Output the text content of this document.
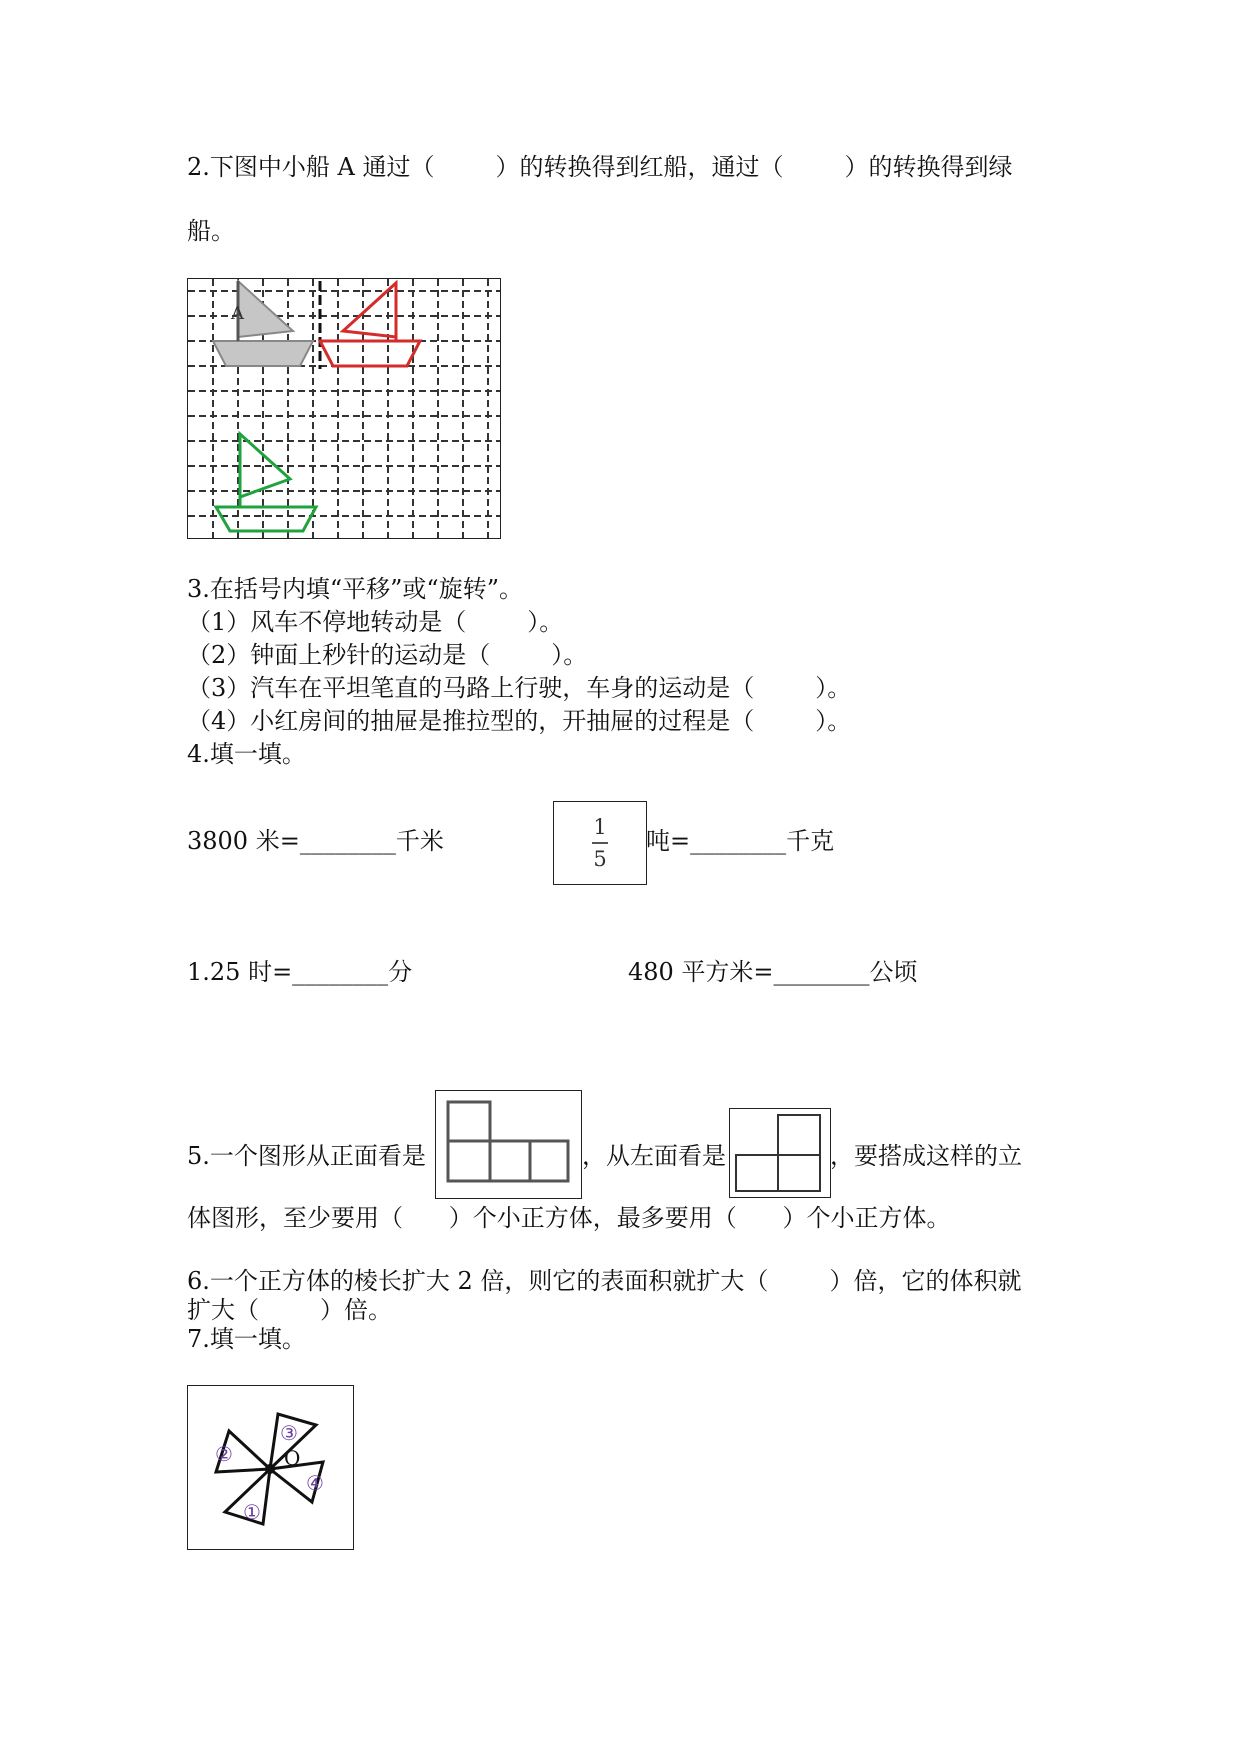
2.下图中小船 A 通过（        ）的转换得到红船，通过（        ）的转换得到绿
船。
A
3.在括号内填“平移”或“旋转”。
（1）风车不停地转动是（        ）。
（2）钟面上秒针的运动是（        ）。
（3）汽车在平坦笔直的马路上行驶，车身的运动是（        ）。
（4）小红房间的抽屉是推拉型的，开抽屉的过程是（        ）。
4.填一填。
3800 米=________千米	1
5
吨=________千克
1.25 时=________分	480 平方米=________公顷
5.一个图形从正面看是	，从左面看是	，要搭成这样的立
体图形，至少要用（      ）个小正方体，最多要用（      ）个小正方体。
6.一个正方体的棱长扩大 2 倍，则它的表面积就扩大（        ）倍，它的体积就
扩大（        ）倍。
7.填一填。
①
②
③
④
O
